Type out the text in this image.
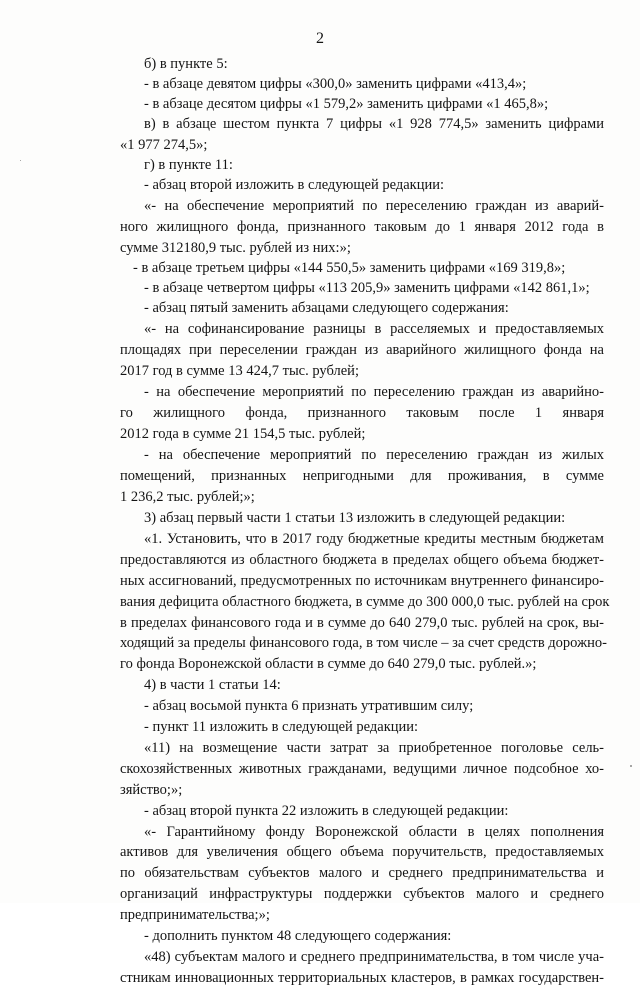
2
б) в пункте 5:
- в абзаце девятом цифры «300,0» заменить цифрами «413,4»;
- в абзаце десятом цифры «1 579,2» заменить цифрами «1 465,8»;
в) в абзаце шестом пункта 7 цифры «1 928 774,5» заменить цифрами
«1 977 274,5»;
г) в пункте 11:
- абзац второй изложить в следующей редакции:
«- на обеспечение мероприятий по переселению граждан из аварий-
ного жилищного фонда, признанного таковым до 1 января 2012 года в
сумме 312180,9 тыс. рублей из них:»;
- в абзаце третьем цифры «144 550,5» заменить цифрами «169 319,8»;
- в абзаце четвертом цифры «113 205,9» заменить цифрами «142 861,1»;
- абзац пятый заменить абзацами следующего содержания:
«- на софинансирование разницы в расселяемых и предоставляемых
площадях при переселении граждан из аварийного жилищного фонда на
2017 год в сумме 13 424,7 тыс. рублей;
- на обеспечение мероприятий по переселению граждан из аварийно-
го жилищного фонда, признанного таковым после 1 января
2012 года в сумме 21 154,5 тыс. рублей;
- на обеспечение мероприятий по переселению граждан из жилых
помещений, признанных непригодными для проживания, в сумме
1 236,2 тыс. рублей;»;
3) абзац первый части 1 статьи 13 изложить в следующей редакции:
«1. Установить, что в 2017 году бюджетные кредиты местным бюджетам
предоставляются из областного бюджета в пределах общего объема бюджет-
ных ассигнований, предусмотренных по источникам внутреннего финансиро-
вания дефицита областного бюджета, в сумме до 300 000,0 тыс. рублей на срок
в пределах финансового года и в сумме до 640 279,0 тыс. рублей на срок, вы-
ходящий за пределы финансового года, в том числе – за счет средств дорожно-
го фонда Воронежской области в сумме до 640 279,0 тыс. рублей.»;
4) в части 1 статьи 14:
- абзац восьмой пункта 6 признать утратившим силу;
- пункт 11 изложить в следующей редакции:
«11) на возмещение части затрат за приобретенное поголовье сель-
скохозяйственных животных гражданами, ведущими личное подсобное хо-
зяйство;»;
- абзац второй пункта 22 изложить в следующей редакции:
«- Гарантийному фонду Воронежской области в целях пополнения
активов для увеличения общего объема поручительств, предоставляемых
по обязательствам субъектов малого и среднего предпринимательства и
организаций инфраструктуры поддержки субъектов малого и среднего
предпринимательства;»;
- дополнить пунктом 48 следующего содержания:
«48) субъектам малого и среднего предпринимательства, в том числе уча-
стникам инновационных территориальных кластеров, в рамках государствен-
